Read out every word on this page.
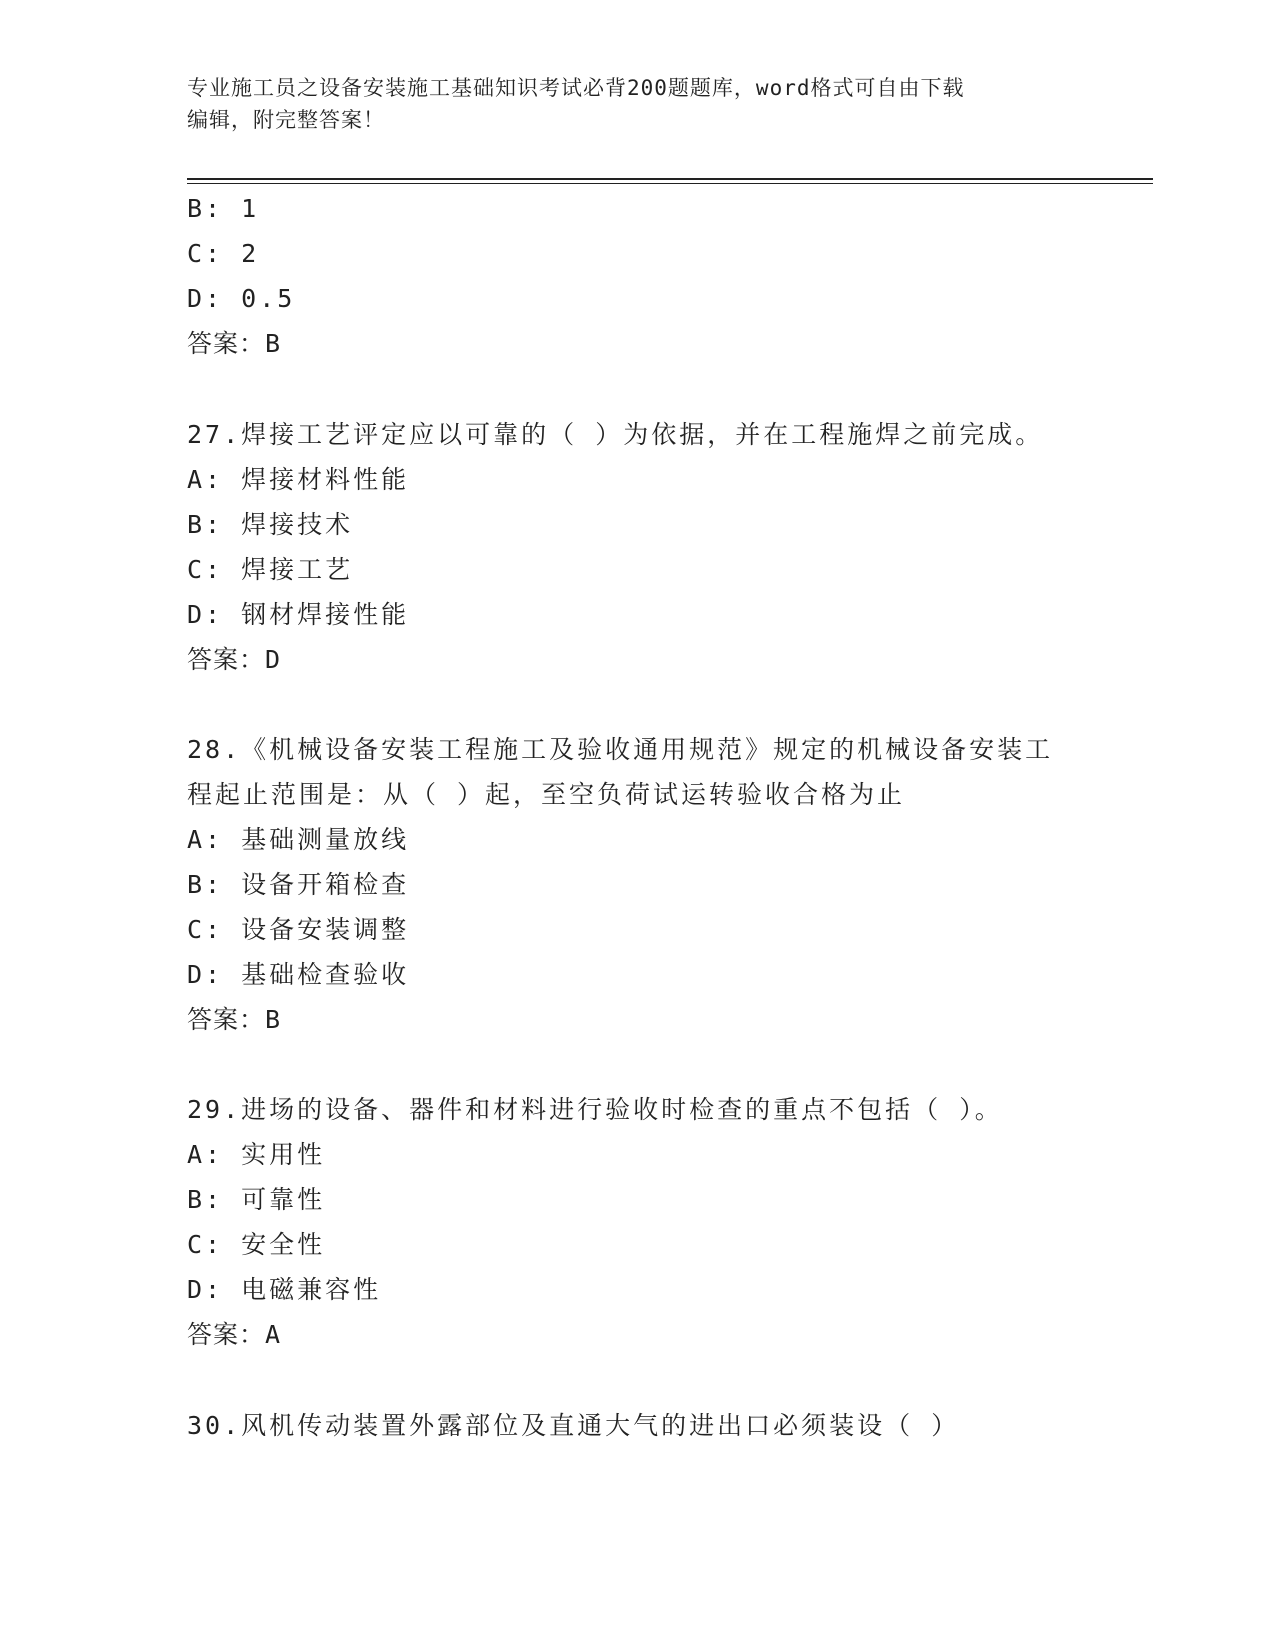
专业施工员之设备安装施工基础知识考试必背200题题库，word格式可自由下载
编辑，附完整答案！
B: 1
C: 2
D: 0.5
答案：B
27.焊接工艺评定应以可靠的（ ）为依据，并在工程施焊之前完成。
A: 焊接材料性能
B: 焊接技术
C: 焊接工艺
D: 钢材焊接性能
答案：D
28.《机械设备安装工程施工及验收通用规范》规定的机械设备安装工
程起止范围是：从（ ）起，至空负荷试运转验收合格为止
A: 基础测量放线
B: 设备开箱检查
C: 设备安装调整
D: 基础检查验收
答案：B
29.进场的设备、器件和材料进行验收时检查的重点不包括（ ）。
A: 实用性
B: 可靠性
C: 安全性
D: 电磁兼容性
答案：A
30.风机传动装置外露部位及直通大气的进出口必须装设（ ）
